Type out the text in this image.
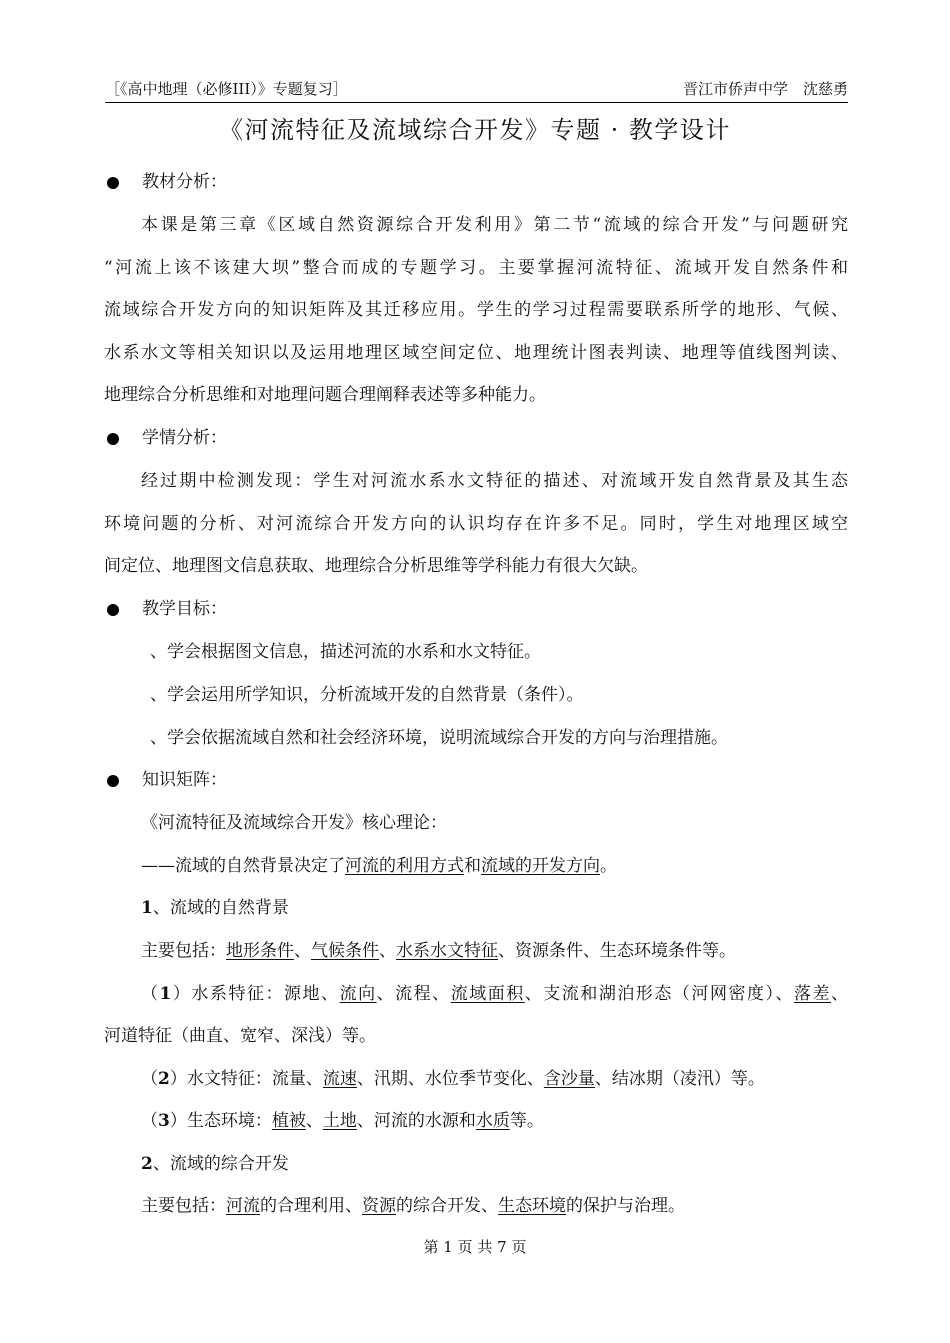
［《高中地理（必修III）》专题复习］	晋江市侨声中学　沈慈勇
《河流特征及流域综合开发》专题 · 教学设计
教材分析：
本课是第三章《区域自然资源综合开发利用》第二节“流域的综合开发”与问题研究
“河流上该不该建大坝”整合而成的专题学习。主要掌握河流特征、流域开发自然条件和
流域综合开发方向的知识矩阵及其迁移应用。学生的学习过程需要联系所学的地形、气候、
水系水文等相关知识以及运用地理区域空间定位、地理统计图表判读、地理等值线图判读、
地理综合分析思维和对地理问题合理阐释表述等多种能力。
学情分析：
经过期中检测发现：学生对河流水系水文特征的描述、对流域开发自然背景及其生态
环境问题的分析、对河流综合开发方向的认识均存在许多不足。同时，学生对地理区域空
间定位、地理图文信息获取、地理综合分析思维等学科能力有很大欠缺。
教学目标：
、学会根据图文信息，描述河流的水系和水文特征。
、学会运用所学知识，分析流域开发的自然背景（条件）。
、学会依据流域自然和社会经济环境，说明流域综合开发的方向与治理措施。
知识矩阵：
《河流特征及流域综合开发》核心理论：
——流域的自然背景决定了河流的利用方式和流域的开发方向。
1、流域的自然背景
主要包括：地形条件、气候条件、水系水文特征、资源条件、生态环境条件等。
（1）水系特征：源地、流向、流程、流域面积、支流和湖泊形态（河网密度）、落差、
河道特征（曲直、宽窄、深浅）等。
（2）水文特征：流量、流速、汛期、水位季节变化、含沙量、结冰期（凌汛）等。
（3）生态环境：植被、土地、河流的水源和水质等。
2、流域的综合开发
主要包括：河流的合理利用、资源的综合开发、生态环境的保护与治理。
第 1 页 共 7 页
